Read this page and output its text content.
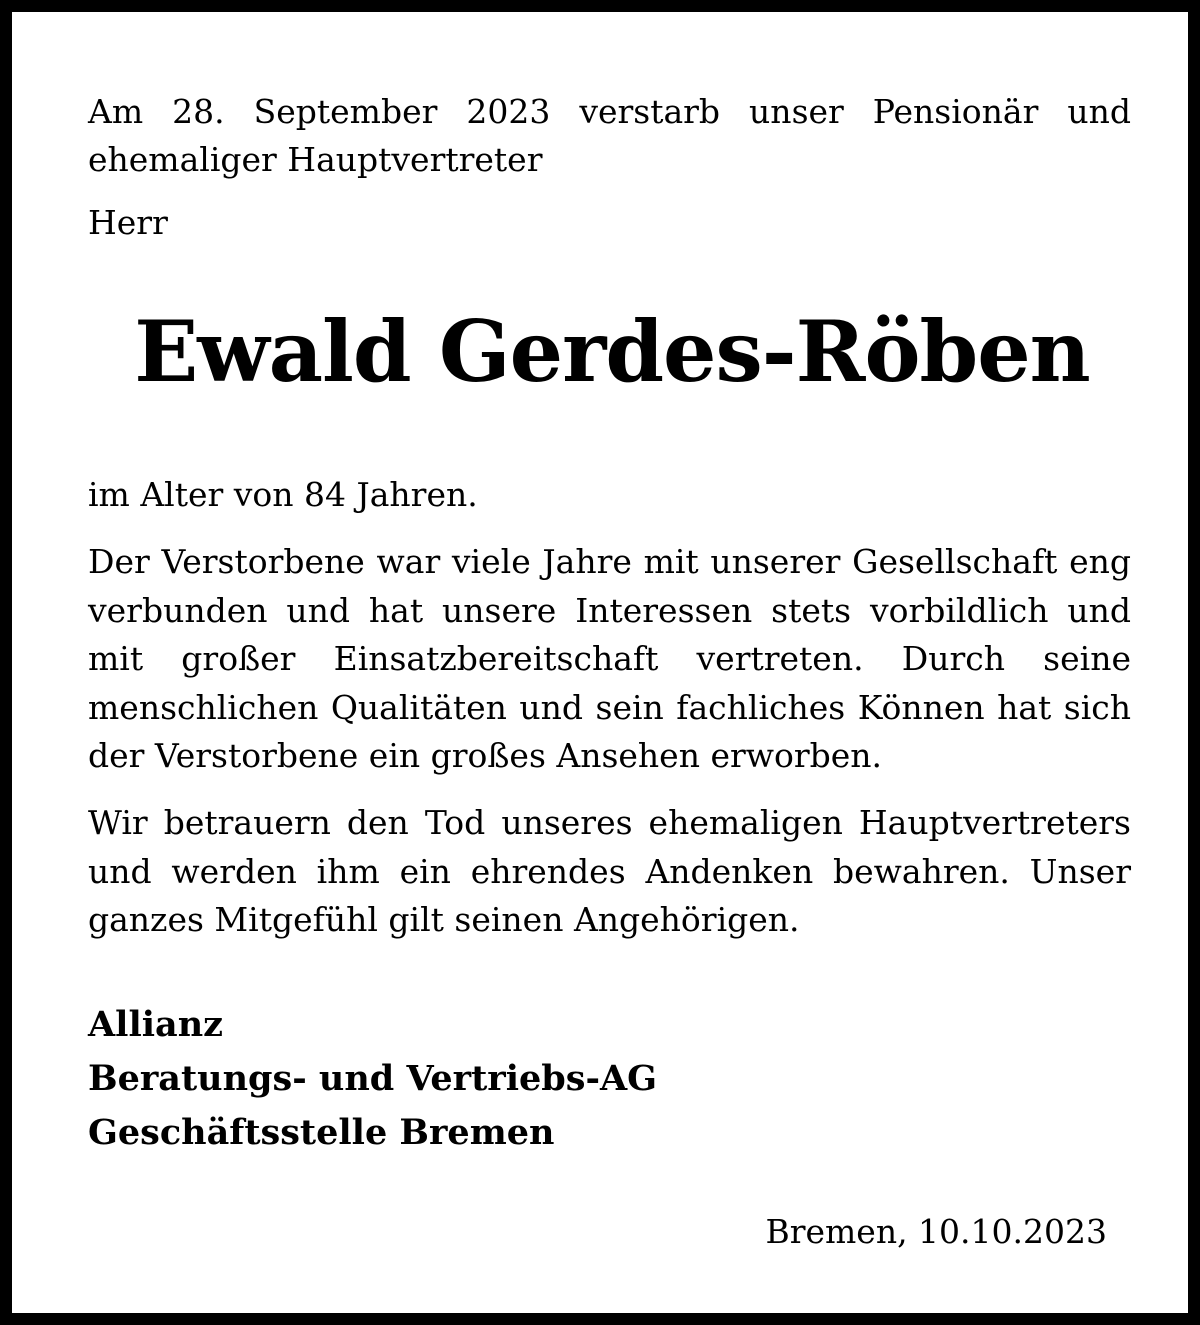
Am 28. September 2023 verstarb unser Pensionär und ehemaliger Hauptvertreter

Herr

Ewald Gerdes-Röben

im Alter von 84 Jahren.

Der Verstorbene war viele Jahre mit unserer Gesellschaft eng verbunden und hat unsere Interessen stets vorbildlich und mit großer Einsatzbereitschaft vertreten. Durch seine menschlichen Qualitäten und sein fachliches Können hat sich der Verstorbene ein großes Ansehen erworben.

Wir betrauern den Tod unseres ehemaligen Hauptvertreters und werden ihm ein ehrendes Andenken bewahren. Unser ganzes Mitgefühl gilt seinen Angehörigen.

Allianz
Beratungs- und Vertriebs-AG
Geschäftsstelle Bremen

Bremen, 10.10.2023
